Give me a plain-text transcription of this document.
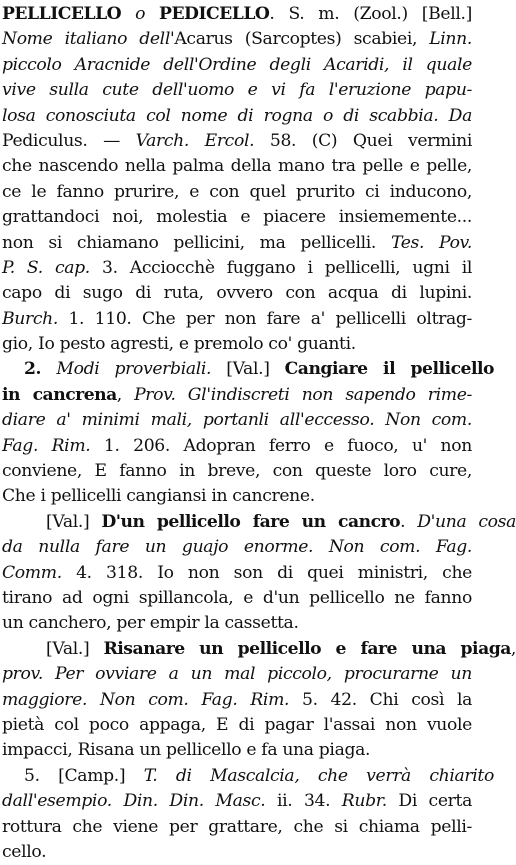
PELLICELLO o PEDICELLO. S. m. (Zool.) [Bell.]
Nome italiano dell'Acarus (Sarcoptes) scabiei, Linn.
piccolo Aracnide dell'Ordine degli Acaridi, il quale
vive sulla cute dell'uomo e vi fa l'eruzione papu-
losa conosciuta col nome di rogna o di scabbia. Da
Pediculus. — Varch. Ercol. 58. (C) Quei vermini
che nascendo nella palma della mano tra pelle e pelle,
ce le fanno prurire, e con quel prurito ci inducono,
grattandoci noi, molestia e piacere insiememente...
non si chiamano pellicini, ma pellicelli. Tes. Pov.
P. S. cap. 3. Acciocchè fuggano i pellicelli, ugni il
capo di sugo di ruta, ovvero con acqua di lupini.
Burch. 1. 110. Che per non fare a' pellicelli oltrag-
gio, Io pesto agresti, e premolo co' guanti.
2. Modi proverbiali. [Val.] Cangiare il pellicello
in cancrena, Prov. Gl'indiscreti non sapendo rime-
diare a' minimi mali, portanli all'eccesso. Non com.
Fag. Rim. 1. 206. Adopran ferro e fuoco, u' non
conviene, E fanno in breve, con queste loro cure,
Che i pellicelli cangiansi in cancrene.
[Val.] D'un pellicello fare un cancro. D'una cosa
da nulla fare un guajo enorme. Non com. Fag.
Comm. 4. 318. Io non son di quei ministri, che
tirano ad ogni spillancola, e d'un pellicello ne fanno
un canchero, per empir la cassetta.
[Val.] Risanare un pellicello e fare una piaga,
prov. Per ovviare a un mal piccolo, procurarne un
maggiore. Non com. Fag. Rim. 5. 42. Chi così la
pietà col poco appaga, E di pagar l'assai non vuole
impacci, Risana un pellicello e fa una piaga.
5. [Camp.] T. di Mascalcia, che verrà chiarito
dall'esempio. Din. Din. Masc. ii. 34. Rubr. Di certa
rottura che viene per grattare, che si chiama pelli-
cello.
